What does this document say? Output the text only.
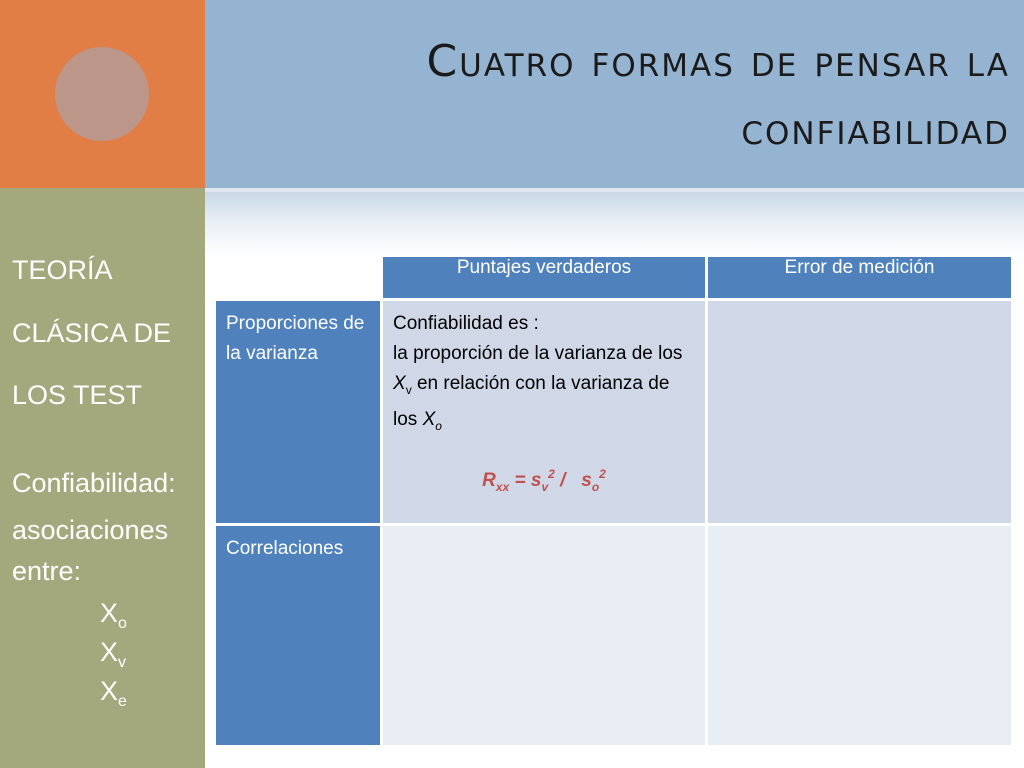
Cuatro formas de pensar la
confiabilidad
TEORÍA
CLÁSICA DE
LOS TEST
Confiabilidad:
asociaciones
entre:
$X_o$
$X_v$
$X_e$
	Puntajes verdaderos	Error de medición
Proporciones de la varianza	Confiabilidad es :
la proporción de la varianza de los $X_v$ en relación con la varianza de los $X_o$
$R_{xx} = s_v^2 / s_o^2$

Correlaciones		
